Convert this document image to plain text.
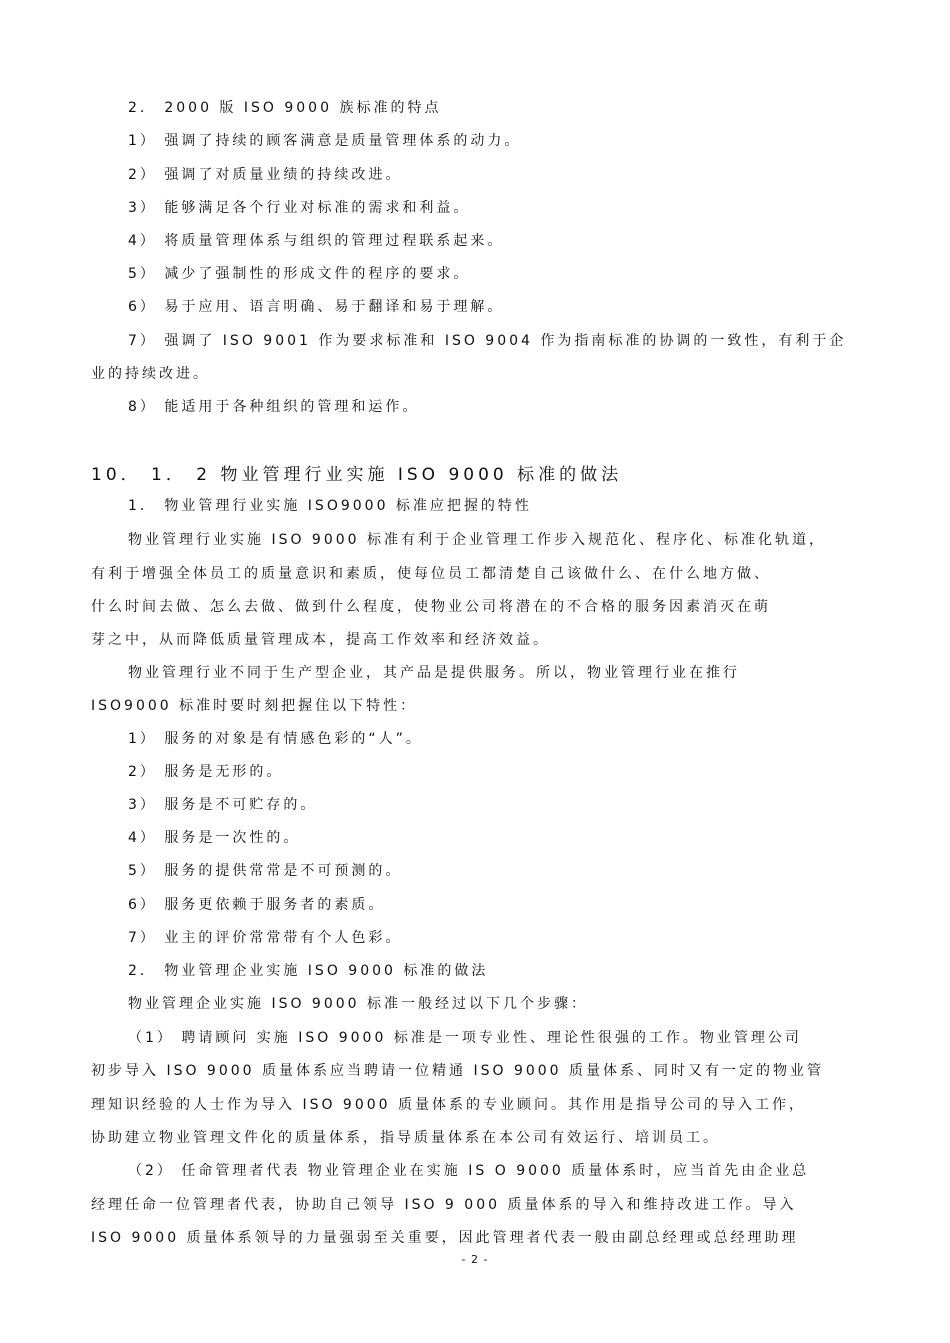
2． 2000 版 ISO 9000 族标准的特点
1） 强调了持续的顾客满意是质量管理体系的动力。
2） 强调了对质量业绩的持续改进。
3） 能够满足各个行业对标准的需求和利益。
4） 将质量管理体系与组织的管理过程联系起来。
5） 减少了强制性的形成文件的程序的要求。
6） 易于应用、语言明确、易于翻译和易于理解。
7） 强调了 ISO 9001 作为要求标准和 ISO 9004 作为指南标准的协调的一致性，有利于企
业的持续改进。
8） 能适用于各种组织的管理和运作。
10． 1． 2 物业管理行业实施 ISO 9000 标准的做法
1． 物业管理行业实施 ISO9000 标准应把握的特性
物业管理行业实施 ISO 9000 标准有利于企业管理工作步入规范化、程序化、标准化轨道，
有利于增强全体员工的质量意识和素质，使每位员工都清楚自己该做什么、在什么地方做、
什么时间去做、怎么去做、做到什么程度，使物业公司将潜在的不合格的服务因素消灭在萌
芽之中，从而降低质量管理成本，提高工作效率和经济效益。
物业管理行业不同于生产型企业，其产品是提供服务。所以，物业管理行业在推行
ISO9000 标准时要时刻把握住以下特性：
1） 服务的对象是有情感色彩的“人”。
2） 服务是无形的。
3） 服务是不可贮存的。
4） 服务是一次性的。
5） 服务的提供常常是不可预测的。
6） 服务更依赖于服务者的素质。
7） 业主的评价常常带有个人色彩。
2． 物业管理企业实施 ISO 9000 标准的做法
物业管理企业实施 ISO 9000 标准一般经过以下几个步骤：
（1） 聘请顾问 实施 ISO 9000 标准是一项专业性、理论性很强的工作。物业管理公司
初步导入 ISO 9000 质量体系应当聘请一位精通 ISO 9000 质量体系、同时又有一定的物业管
理知识经验的人士作为导入 ISO 9000 质量体系的专业顾问。其作用是指导公司的导入工作，
协助建立物业管理文件化的质量体系，指导质量体系在本公司有效运行、培训员工。
（2） 任命管理者代表 物业管理企业在实施 IS O 9000 质量体系时，应当首先由企业总
经理任命一位管理者代表，协助自己领导 ISO 9 000 质量体系的导入和维持改进工作。导入
ISO 9000 质量体系领导的力量强弱至关重要，因此管理者代表一般由副总经理或总经理助理
- 2 -
